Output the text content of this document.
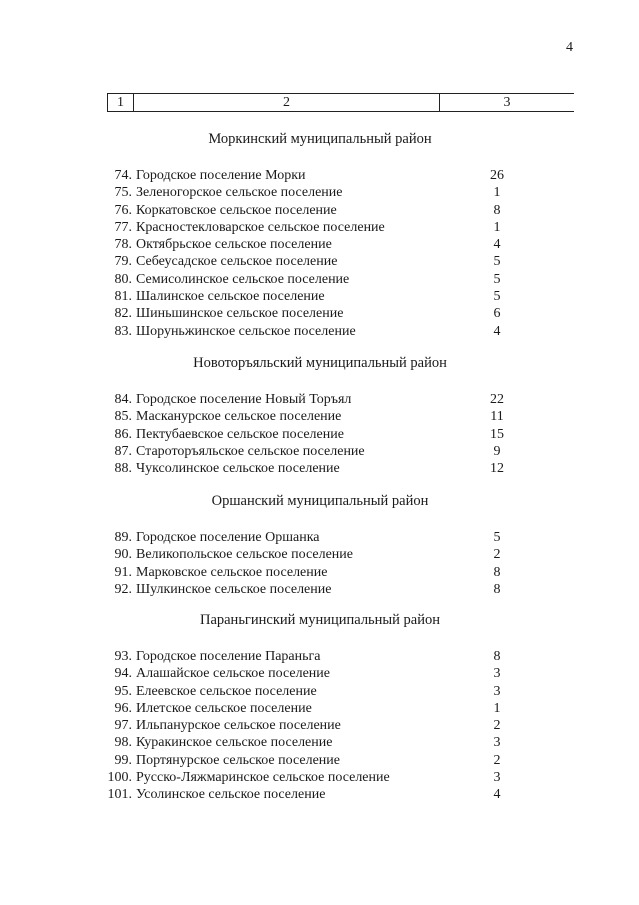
4
1	2	3
Моркинский муниципальный район
74. Городское поселение Морки	26
75. Зеленогорское сельское поселение	1
76. Коркатовское сельское поселение	8
77. Красностекловарское сельское поселение	1
78. Октябрьское сельское поселение	4
79. Себеусадское сельское поселение	5
80. Семисолинское сельское поселение	5
81. Шалинское сельское поселение	5
82. Шиньшинское сельское поселение	6
83. Шоруньжинское сельское поселение	4
Новоторъяльский муниципальный район
84. Городское поселение Новый Торъял	22
85. Масканурское сельское поселение	11
86. Пектубаевское сельское поселение	15
87. Староторъяльское сельское поселение	9
88. Чуксолинское сельское поселение	12
Оршанский муниципальный район
89. Городское поселение Оршанка	5
90. Великопольское сельское поселение	2
91. Марковское сельское поселение	8
92. Шулкинское сельское поселение	8
Параньгинский муниципальный район
93. Городское поселение Параньга	8
94. Алашайское сельское поселение	3
95. Елеевское сельское поселение	3
96. Илетское сельское поселение	1
97. Ильпанурское сельское поселение	2
98. Куракинское сельское поселение	3
99. Портянурское сельское поселение	2
100. Русско-Ляжмаринское сельское поселение	3
101. Усолинское сельское поселение	4
